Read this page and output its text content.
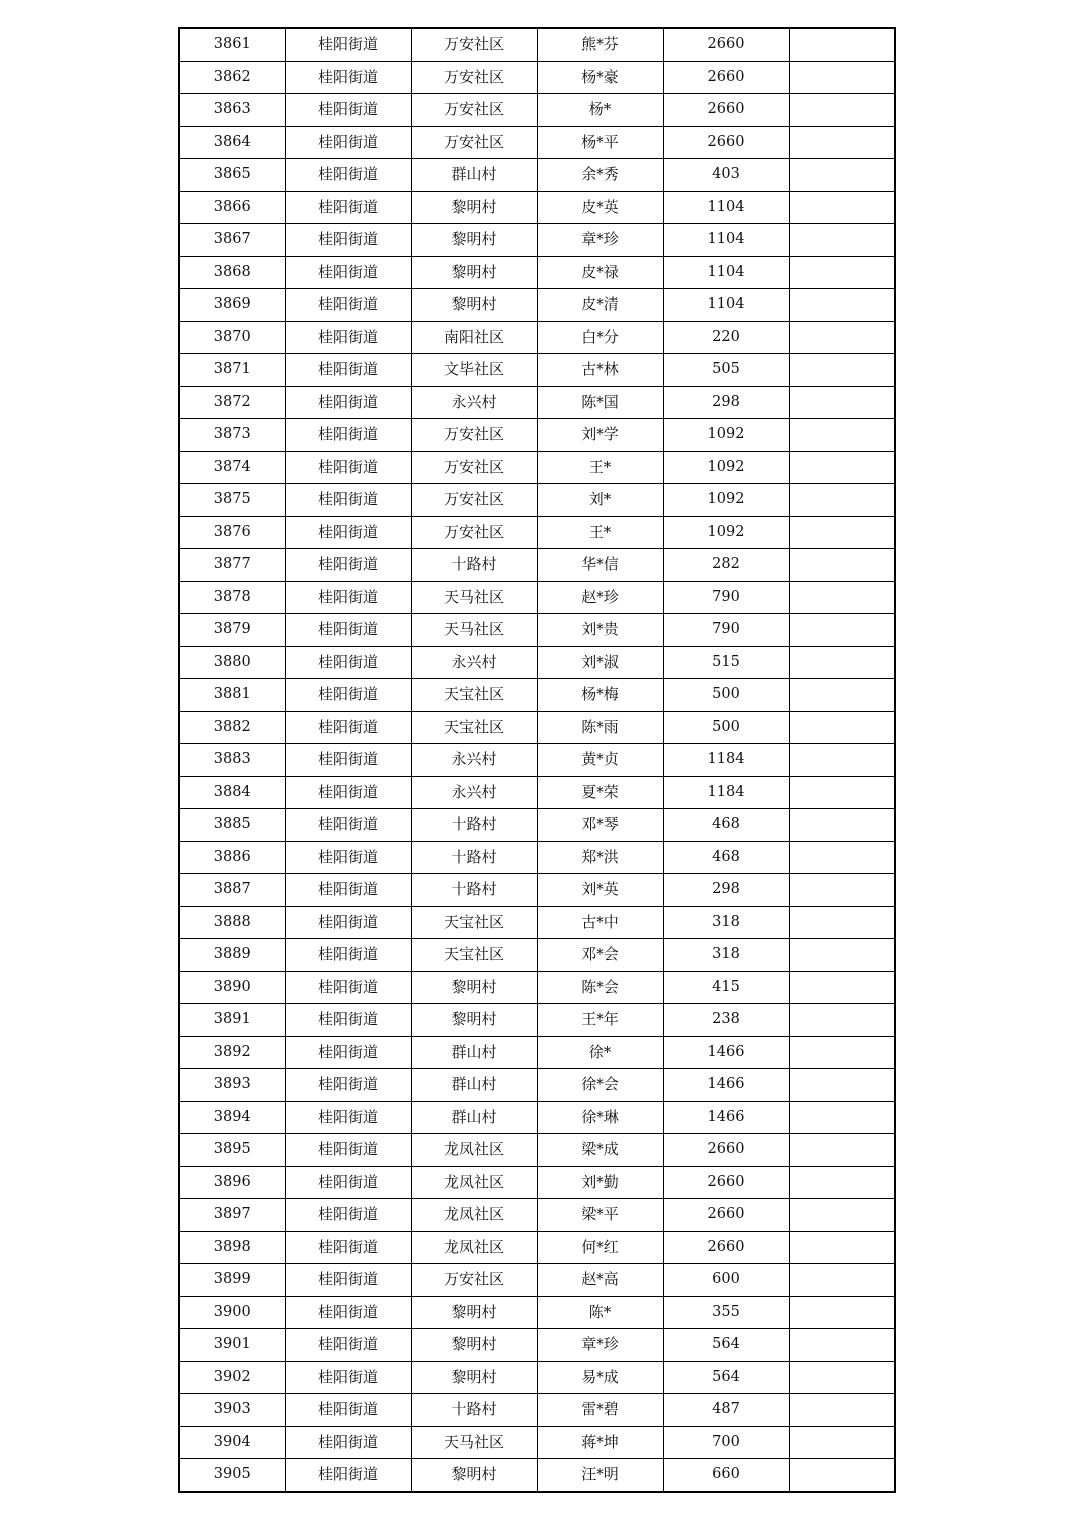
3861	桂阳街道	万安社区	熊*芬	2660	
3862	桂阳街道	万安社区	杨*豪	2660	
3863	桂阳街道	万安社区	杨*	2660	
3864	桂阳街道	万安社区	杨*平	2660	
3865	桂阳街道	群山村	余*秀	403	
3866	桂阳街道	黎明村	皮*英	1104	
3867	桂阳街道	黎明村	章*珍	1104	
3868	桂阳街道	黎明村	皮*禄	1104	
3869	桂阳街道	黎明村	皮*清	1104	
3870	桂阳街道	南阳社区	白*分	220	
3871	桂阳街道	文毕社区	古*林	505	
3872	桂阳街道	永兴村	陈*国	298	
3873	桂阳街道	万安社区	刘*学	1092	
3874	桂阳街道	万安社区	王*	1092	
3875	桂阳街道	万安社区	刘*	1092	
3876	桂阳街道	万安社区	王*	1092	
3877	桂阳街道	十路村	华*信	282	
3878	桂阳街道	天马社区	赵*珍	790	
3879	桂阳街道	天马社区	刘*贵	790	
3880	桂阳街道	永兴村	刘*淑	515	
3881	桂阳街道	天宝社区	杨*梅	500	
3882	桂阳街道	天宝社区	陈*雨	500	
3883	桂阳街道	永兴村	黄*贞	1184	
3884	桂阳街道	永兴村	夏*荣	1184	
3885	桂阳街道	十路村	邓*琴	468	
3886	桂阳街道	十路村	郑*洪	468	
3887	桂阳街道	十路村	刘*英	298	
3888	桂阳街道	天宝社区	古*中	318	
3889	桂阳街道	天宝社区	邓*会	318	
3890	桂阳街道	黎明村	陈*会	415	
3891	桂阳街道	黎明村	王*年	238	
3892	桂阳街道	群山村	徐*	1466	
3893	桂阳街道	群山村	徐*会	1466	
3894	桂阳街道	群山村	徐*琳	1466	
3895	桂阳街道	龙凤社区	梁*成	2660	
3896	桂阳街道	龙凤社区	刘*勤	2660	
3897	桂阳街道	龙凤社区	梁*平	2660	
3898	桂阳街道	龙凤社区	何*红	2660	
3899	桂阳街道	万安社区	赵*高	600	
3900	桂阳街道	黎明村	陈*	355	
3901	桂阳街道	黎明村	章*珍	564	
3902	桂阳街道	黎明村	易*成	564	
3903	桂阳街道	十路村	雷*碧	487	
3904	桂阳街道	天马社区	蒋*坤	700	
3905	桂阳街道	黎明村	汪*明	660	
